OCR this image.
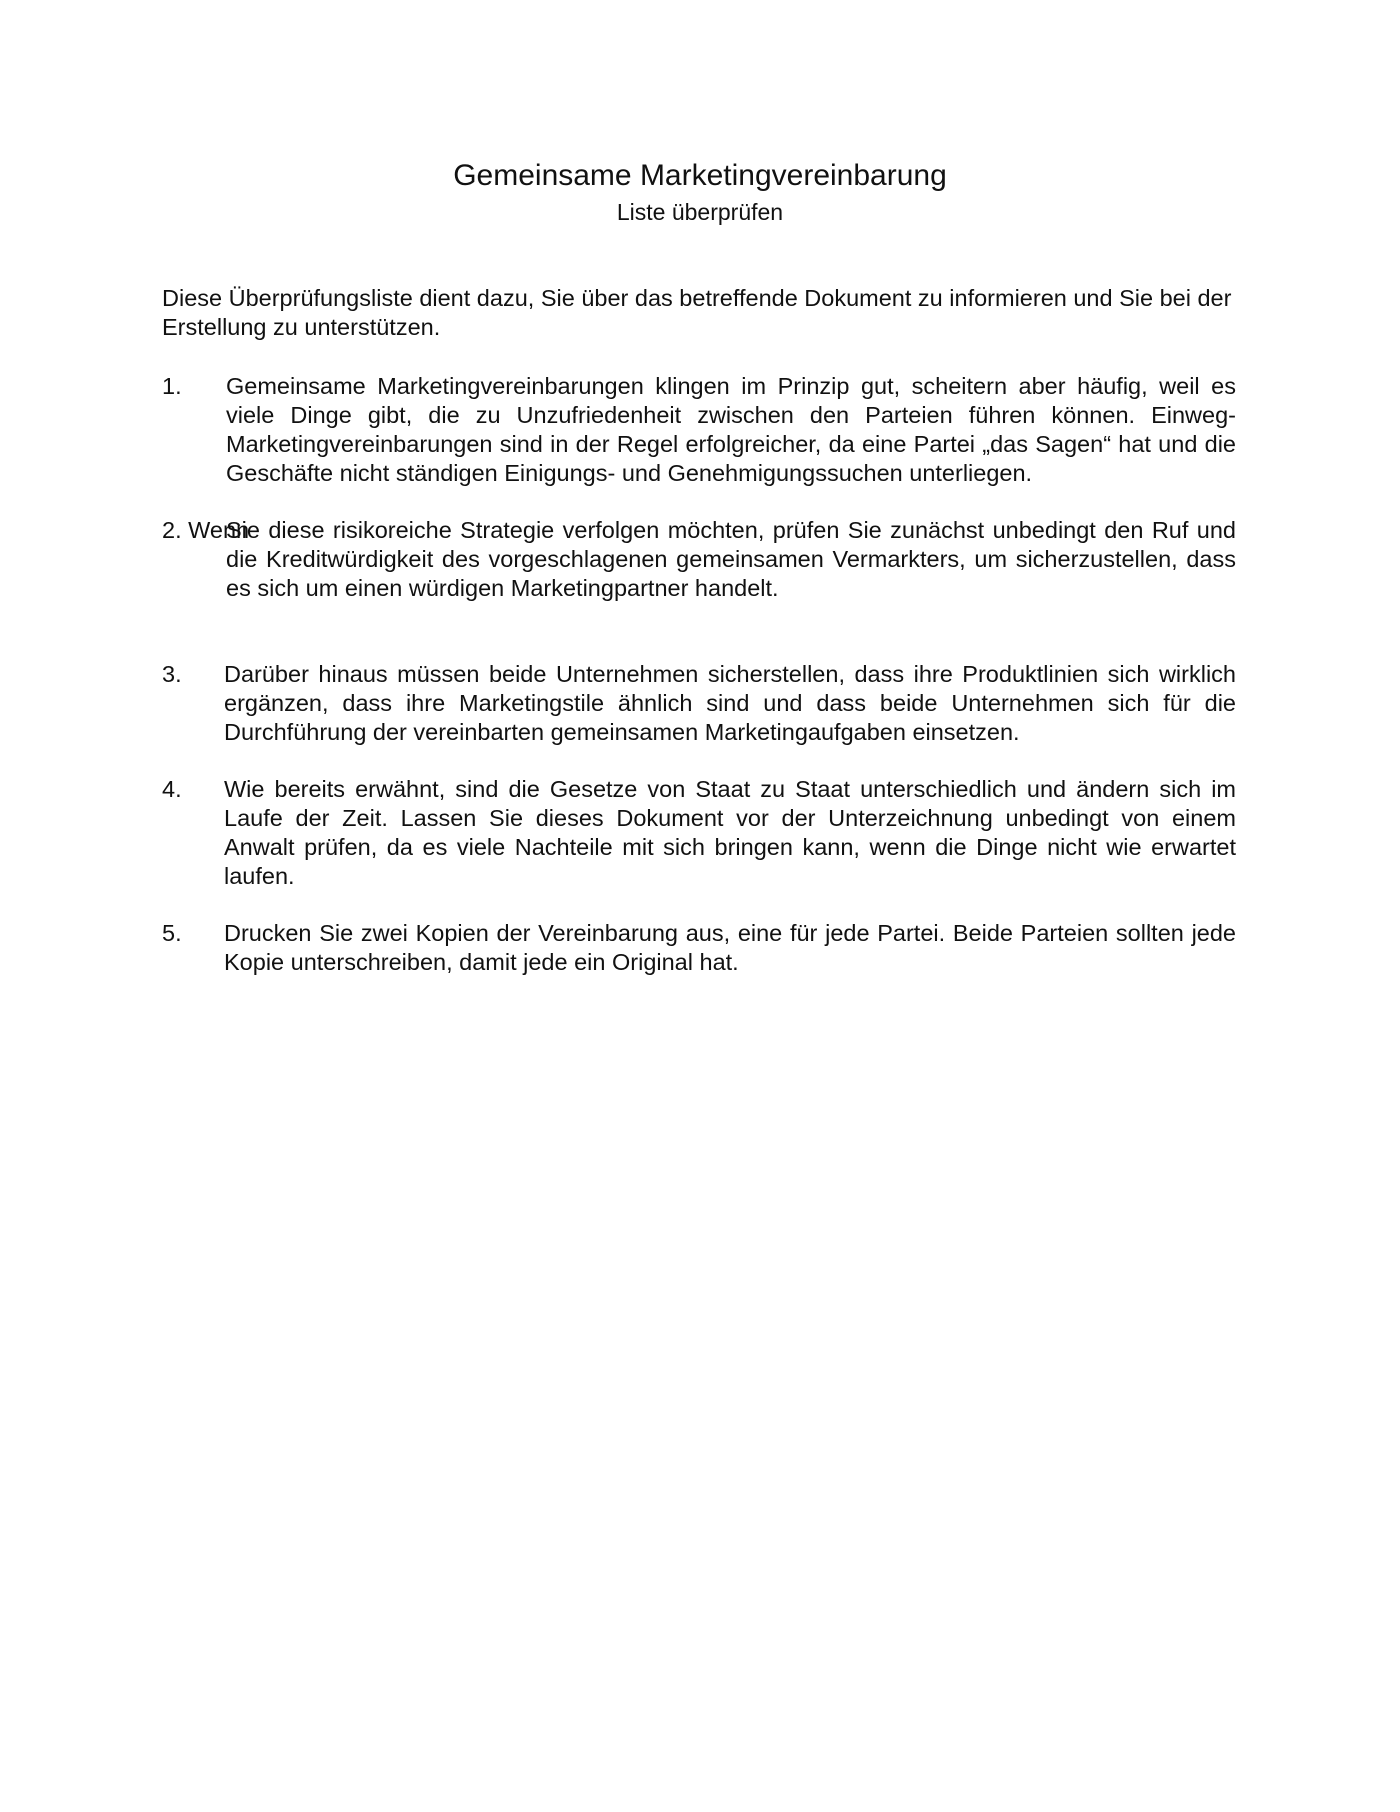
Gemeinsame Marketingvereinbarung
Liste überprüfen

Diese Überprüfungsliste dient dazu, Sie über das betreffende Dokument zu informieren und Sie bei der Erstellung zu unterstützen.

1. Gemeinsame Marketingvereinbarungen klingen im Prinzip gut, scheitern aber häufig, weil es viele Dinge gibt, die zu Unzufriedenheit zwischen den Parteien führen können. Einweg-Marketingvereinbarungen sind in der Regel erfolgreicher, da eine Partei „das Sagen“ hat und die Geschäfte nicht ständigen Einigungs- und Genehmigungssuchen unterliegen.
2. Wenn
Sie diese risikoreiche Strategie verfolgen möchten, prüfen Sie zunächst unbedingt den Ruf und die Kreditwürdigkeit des vorgeschlagenen gemeinsamen Vermarkters, um sicherzustellen, dass es sich um einen würdigen Marketingpartner handelt.
3. Darüber hinaus müssen beide Unternehmen sicherstellen, dass ihre Produktlinien sich wirklich ergänzen, dass ihre Marketingstile ähnlich sind und dass beide Unternehmen sich für die Durchführung der vereinbarten gemeinsamen Marketingaufgaben einsetzen.
4. Wie bereits erwähnt, sind die Gesetze von Staat zu Staat unterschiedlich und ändern sich im Laufe der Zeit. Lassen Sie dieses Dokument vor der Unterzeichnung unbedingt von einem Anwalt prüfen, da es viele Nachteile mit sich bringen kann, wenn die Dinge nicht wie erwartet laufen.
5. Drucken Sie zwei Kopien der Vereinbarung aus, eine für jede Partei. Beide Parteien sollten jede Kopie unterschreiben, damit jede ein Original hat.
